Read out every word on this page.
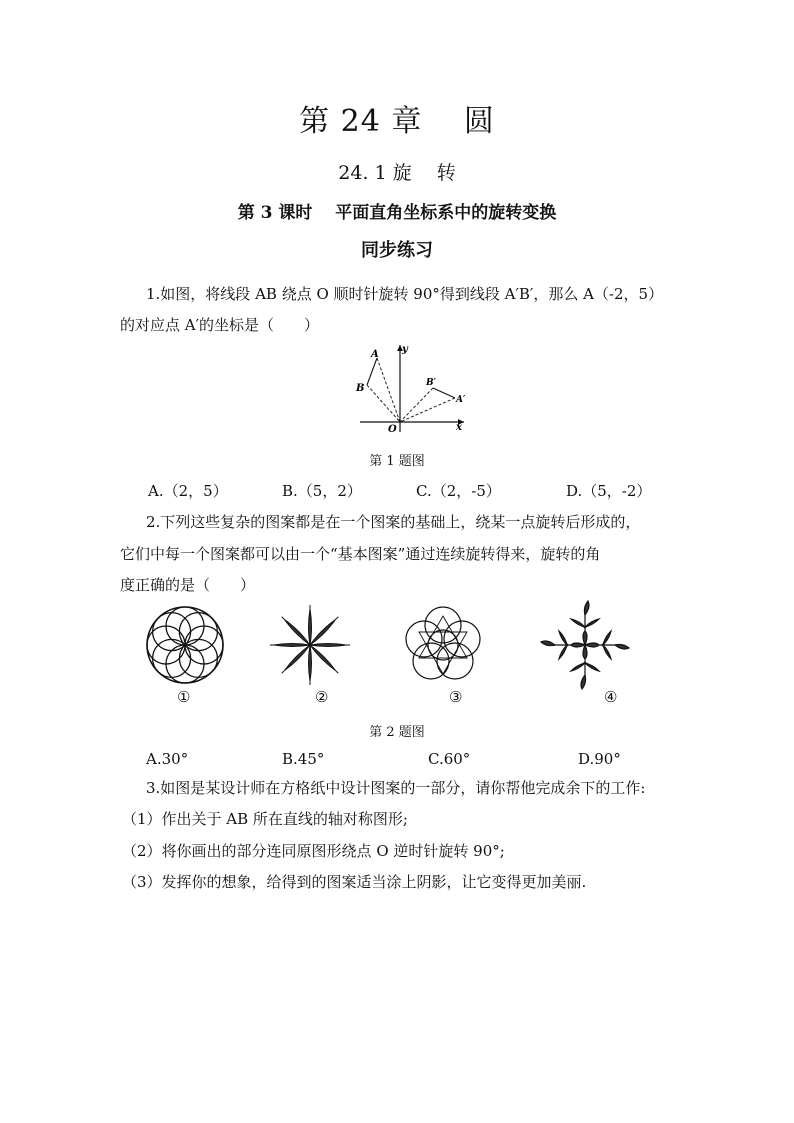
第 24 章　 圆
24. 1 旋　 转
第 3 课时　 平面直角坐标系中的旋转变换
同步练习
1.如图，将线段 AB 绕点 O 顺时针旋转 90°得到线段 A′B′，那么 A（-2，5）
的对应点 A′的坐标是（　　）
A
B	B′
A′
O	x
y
第 1 题图
A.（2，5）	B.（5，2）	C.（2，-5）	D.（5，-2）
2.下列这些复杂的图案都是在一个图案的基础上，绕某一点旋转后形成的，
它们中每一个图案都可以由一个“基本图案”通过连续旋转得来，旋转的角
度正确的是（　　）
①	②	③	④
第 2 题图
A.30°	B.45°	C.60°	D.90°
3.如图是某设计师在方格纸中设计图案的一部分，请你帮他完成余下的工作:
（1）作出关于 AB 所在直线的轴对称图形;
（2）将你画出的部分连同原图形绕点 O 逆时针旋转 90°;
（3）发挥你的想象，给得到的图案适当涂上阴影，让它变得更加美丽.
